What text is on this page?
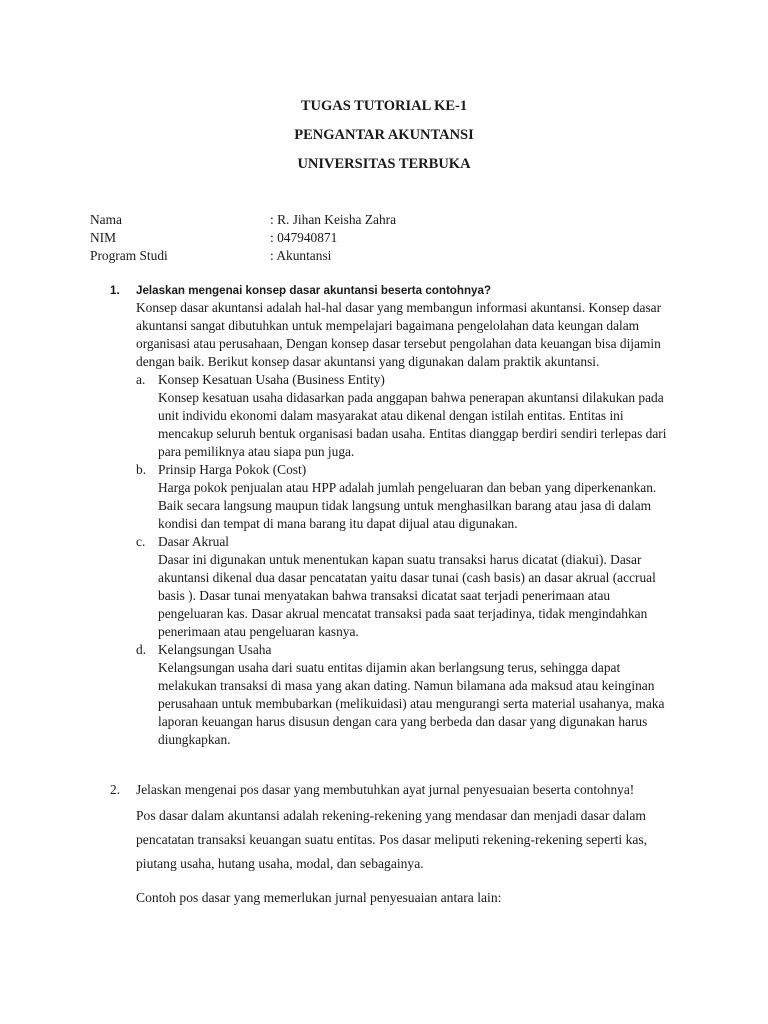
TUGAS TUTORIAL KE-1
PENGANTAR AKUNTANSI
UNIVERSITAS TERBUKA
Nama	: R. Jihan Keisha Zahra
NIM	: 047940871
Program Studi	: Akuntansi
1. Jelaskan mengenai konsep dasar akuntansi beserta contohnya?

Konsep dasar akuntansi adalah hal-hal dasar yang membangun informasi akuntansi. Konsep dasar akuntansi sangat dibutuhkan untuk mempelajari bagaimana pengelolahan data keungan dalam organisasi atau perusahaan, Dengan konsep dasar tersebut pengolahan data keuangan bisa dijamin dengan baik. Berikut konsep dasar akuntansi yang digunakan dalam praktik akuntansi.

a. Konsep Kesatuan Usaha (Business Entity)
Konsep kesatuan usaha didasarkan pada anggapan bahwa penerapan akuntansi dilakukan pada unit individu ekonomi dalam masyarakat atau dikenal dengan istilah entitas. Entitas ini mencakup seluruh bentuk organisasi badan usaha. Entitas dianggap berdiri sendiri terlepas dari para pemiliknya atau siapa pun juga.
b. Prinsip Harga Pokok (Cost)
Harga pokok penjualan atau HPP adalah jumlah pengeluaran dan beban yang diperkenankan. Baik secara langsung maupun tidak langsung untuk menghasilkan barang atau jasa di dalam kondisi dan tempat di mana barang itu dapat dijual atau digunakan.
c. Dasar Akrual
Dasar ini digunakan untuk menentukan kapan suatu transaksi harus dicatat (diakui). Dasar akuntansi dikenal dua dasar pencatatan yaitu dasar tunai (cash basis) an dasar akrual (accrual basis ). Dasar tunai menyatakan bahwa transaksi dicatat saat terjadi penerimaan atau pengeluaran kas. Dasar akrual mencatat transaksi pada saat terjadinya, tidak mengindahkan penerimaan atau pengeluaran kasnya.
d. Kelangsungan Usaha
Kelangsungan usaha dari suatu entitas dijamin akan berlangsung terus, sehingga dapat melakukan transaksi di masa yang akan dating. Namun bilamana ada maksud atau keinginan perusahaan untuk membubarkan (melikuidasi) atau mengurangi serta material usahanya, maka laporan keuangan harus disusun dengan cara yang berbeda dan dasar yang digunakan harus diungkapkan.
2.	Jelaskan mengenai pos dasar yang membutuhkan ayat jurnal penyesuaian beserta contohnya!

Pos dasar dalam akuntansi adalah rekening-rekening yang mendasar dan menjadi dasar dalam pencatatan transaksi keuangan suatu entitas. Pos dasar meliputi rekening-rekening seperti kas, piutang usaha, hutang usaha, modal, dan sebagainya.

Contoh pos dasar yang memerlukan jurnal penyesuaian antara lain:
